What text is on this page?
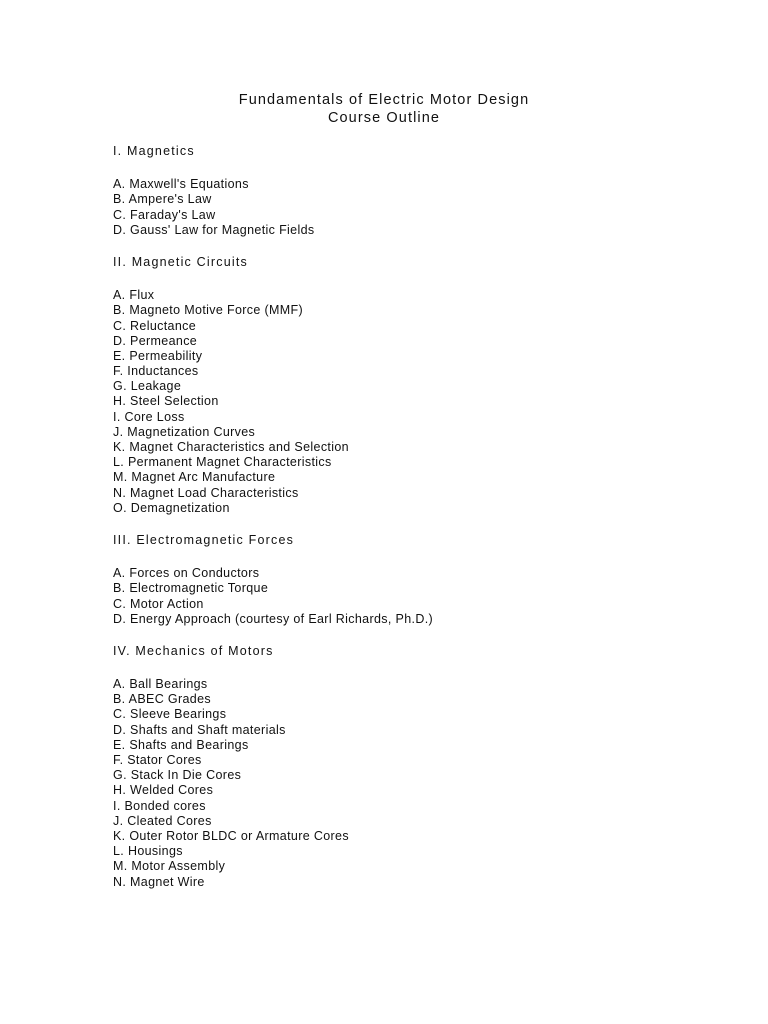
Fundamentals of Electric Motor Design
Course Outline
I. Magnetics
A. Maxwell's Equations
B. Ampere's Law
C. Faraday's Law
D. Gauss' Law for Magnetic Fields
II. Magnetic Circuits
A. Flux
B. Magneto Motive Force (MMF)
C. Reluctance
D. Permeance
E. Permeability
F. Inductances
G. Leakage
H. Steel Selection
I. Core Loss
J. Magnetization Curves
K. Magnet Characteristics and Selection
L. Permanent Magnet Characteristics
M. Magnet Arc Manufacture
N. Magnet Load Characteristics
O. Demagnetization
III. Electromagnetic Forces
A. Forces on Conductors
B. Electromagnetic Torque
C. Motor Action
D. Energy Approach (courtesy of Earl Richards, Ph.D.)
IV. Mechanics of Motors
A. Ball Bearings
B. ABEC Grades
C. Sleeve Bearings
D. Shafts and Shaft materials
E. Shafts and Bearings
F. Stator Cores
G. Stack In Die Cores
H. Welded Cores
I. Bonded cores
J. Cleated Cores
K. Outer Rotor BLDC or Armature Cores
L. Housings
M. Motor Assembly
N. Magnet Wire
